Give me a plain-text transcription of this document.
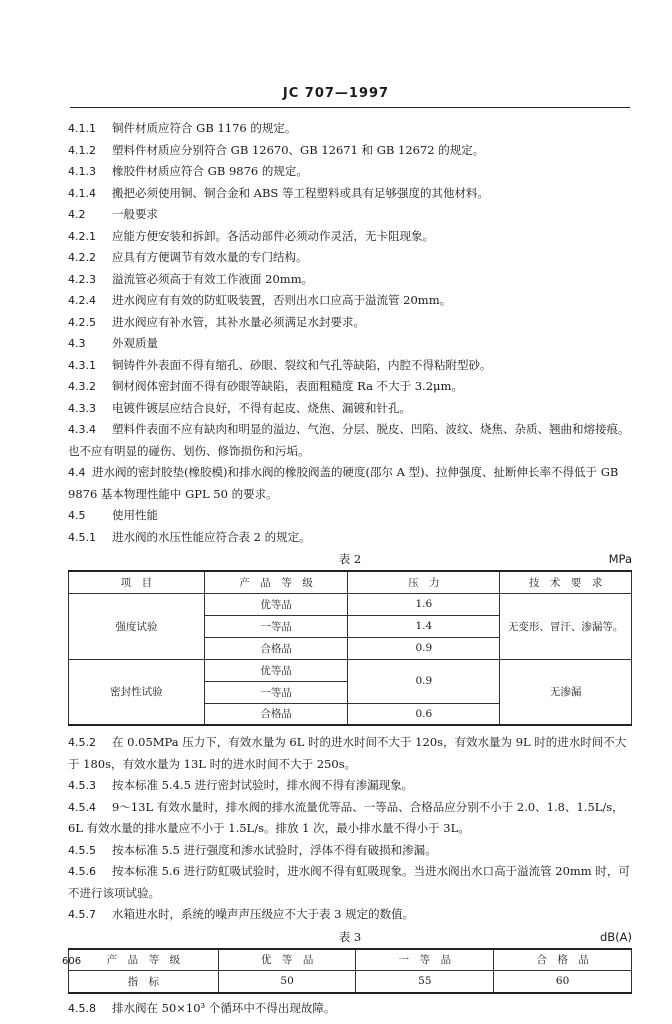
JC 707—1997
4.1.1 铜件材质应符合 GB 1176 的规定。
4.1.2 塑料件材质应分别符合 GB 12670、GB 12671 和 GB 12672 的规定。
4.1.3 橡胶件材质应符合 GB 9876 的规定。
4.1.4 搬把必须使用铜、铜合金和 ABS 等工程塑料或具有足够强度的其他材料。
4.2 一般要求
4.2.1 应能方便安装和拆卸。各活动部件必须动作灵活，无卡阻现象。
4.2.2 应具有方便调节有效水量的专门结构。
4.2.3 溢流管必须高于有效工作液面 20mm。
4.2.4 进水阀应有有效的防虹吸装置，否则出水口应高于溢流管 20mm。
4.2.5 进水阀应有补水管，其补水量必须满足水封要求。
4.3 外观质量
4.3.1 铜铸件外表面不得有缩孔、砂眼、裂纹和气孔等缺陷，内腔不得粘附型砂。
4.3.2 铜材阀体密封面不得有砂眼等缺陷，表面粗糙度 Ra 不大于 3.2μm。
4.3.3 电镀件镀层应结合良好，不得有起皮、烧焦、漏镀和针孔。
4.3.4 塑料件表面不应有缺肉和明显的溢边、气泡、分层、脱皮、凹陷、波纹、烧焦、杂质、翘曲和熔接痕。
也不应有明显的碰伤、划伤、修饰损伤和污垢。
4.4 进水阀的密封胶垫(橡胶模)和排水阀的橡胶阀盖的硬度(邵尔 A 型)、拉伸强度、扯断伸长率不得低于 GB 9876 基本物理性能中 GPL 50 的要求。
4.5 使用性能
4.5.1 进水阀的水压性能应符合表 2 的规定。
表 2	MPa
项　目	产　品　等　级	压　力	技　术　要　求
强度试验	优等品	1.6	无变形、冒汗、渗漏等。
	一等品	1.4	
	合格品	0.9	
密封性试验	优等品	0.9	无渗漏
	一等品		
	合格品	0.6	
4.5.2 在 0.05MPa 压力下，有效水量为 6L 时的进水时间不大于 120s，有效水量为 9L 时的进水时间不大于 180s，有效水量为 13L 时的进水时间不大于 250s。
4.5.3 按本标准 5.4.5 进行密封试验时，排水阀不得有渗漏现象。
4.5.4 9～13L 有效水量时，排水阀的排水流量优等品、一等品、合格品应分别不小于 2.0、1.8、1.5L/s，6L 有效水量的排水量应不小于 1.5L/s。排放 1 次，最小排水量不得小于 3L。
4.5.5 按本标准 5.5 进行强度和渗水试验时，浮体不得有破损和渗漏。
4.5.6 按本标准 5.6 进行防虹吸试验时，进水阀不得有虹吸现象。当进水阀出水口高于溢流管 20mm 时，可不进行该项试验。
4.5.7 水箱进水时，系统的噪声声压级应不大于表 3 规定的数值。
表 3	dB(A)
产　品　等　级	优　等　品	一　等　品	合　格　品
指　标	50	55	60
4.5.8 排水阀在 50×10³ 个循环中不得出现故障。
606
